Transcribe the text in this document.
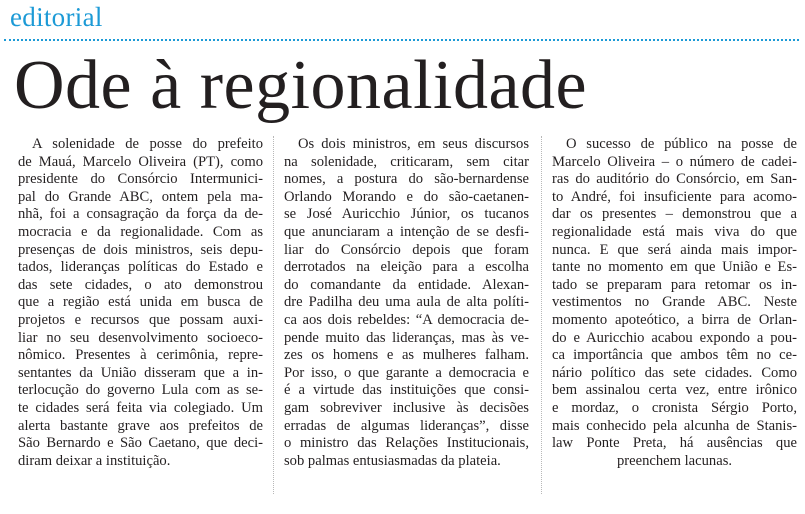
editorial
Ode à regionalidade
A solenidade de posse do prefeito
de Mauá, Marcelo Oliveira (PT), como
presidente do Consórcio Intermunici-
pal do Grande ABC, ontem pela ma-
nhã, foi a consagração da força da de-
mocracia e da regionalidade. Com as
presenças de dois ministros, seis depu-
tados, lideranças políticas do Estado e
das sete cidades, o ato demonstrou
que a região está unida em busca de
projetos e recursos que possam auxi-
liar no seu desenvolvimento socioeco-
nômico. Presentes à cerimônia, repre-
sentantes da União disseram que a in-
terlocução do governo Lula com as se-
te cidades será feita via colegiado. Um
alerta bastante grave aos prefeitos de
São Bernardo e São Caetano, que deci-
diram deixar a instituição.
Os dois ministros, em seus discursos
na solenidade, criticaram, sem citar
nomes, a postura do são-bernardense
Orlando Morando e do são-caetanen-
se José Auricchio Júnior, os tucanos
que anunciaram a intenção de se desfi-
liar do Consórcio depois que foram
derrotados na eleição para a escolha
do comandante da entidade. Alexan-
dre Padilha deu uma aula de alta políti-
ca aos dois rebeldes: “A democracia de-
pende muito das lideranças, mas às ve-
zes os homens e as mulheres falham.
Por isso, o que garante a democracia e
é a virtude das instituições que consi-
gam sobreviver inclusive às decisões
erradas de algumas lideranças”, disse
o ministro das Relações Institucionais,
sob palmas entusiasmadas da plateia.
O sucesso de público na posse de
Marcelo Oliveira – o número de cadei-
ras do auditório do Consórcio, em San-
to André, foi insuficiente para acomo-
dar os presentes – demonstrou que a
regionalidade está mais viva do que
nunca. E que será ainda mais impor-
tante no momento em que União e Es-
tado se preparam para retomar os in-
vestimentos no Grande ABC. Neste
momento apoteótico, a birra de Orlan-
do e Auricchio acabou expondo a pou-
ca importância que ambos têm no ce-
nário político das sete cidades. Como
bem assinalou certa vez, entre irônico
e mordaz, o cronista Sérgio Porto,
mais conhecido pela alcunha de Stanis-
law Ponte Preta, há ausências que
preenchem lacunas.
